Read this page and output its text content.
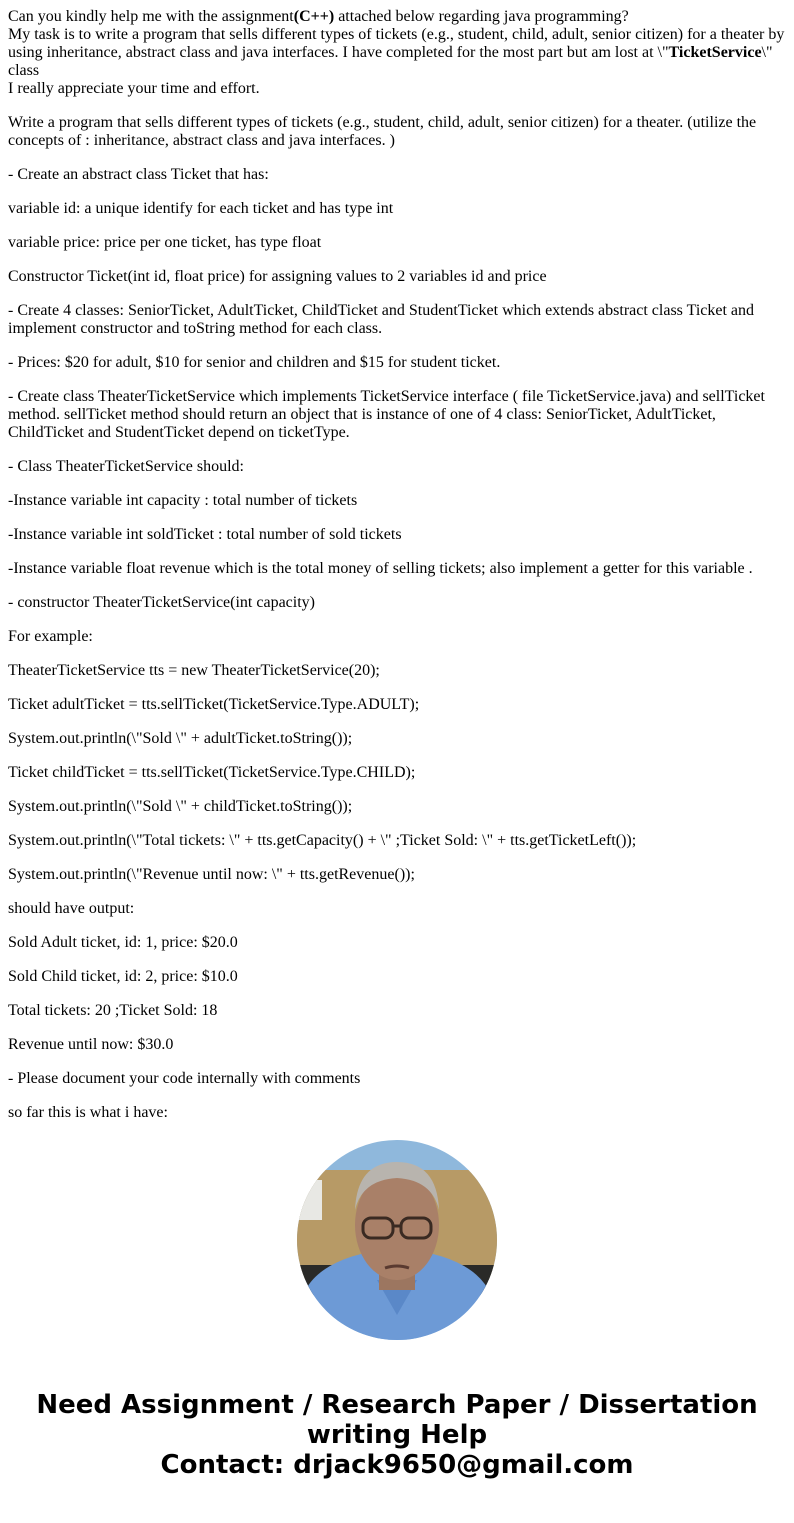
Can you kindly help me with the assignment(C++) attached below regarding java programming?
My task is to write a program that sells different types of tickets (e.g., student, child, adult, senior citizen) for a theater by using inheritance, abstract class and java interfaces. I have completed for the most part but am lost at \"TicketService\" class
I really appreciate your time and effort.

Write a program that sells different types of tickets (e.g., student, child, adult, senior citizen) for a theater. (utilize the concepts of : inheritance, abstract class and java interfaces. )

- Create an abstract class Ticket that has:

variable id: a unique identify for each ticket and has type int

variable price: price per one ticket, has type float

Constructor Ticket(int id, float price) for assigning values to 2 variables id and price

- Create 4 classes: SeniorTicket, AdultTicket, ChildTicket and StudentTicket which extends abstract class Ticket and implement constructor and toString method for each class.

- Prices: $20 for adult, $10 for senior and children and $15 for student ticket.

- Create class TheaterTicketService which implements TicketService interface ( file TicketService.java) and sellTicket method. sellTicket method should return an object that is instance of one of 4 class: SeniorTicket, AdultTicket, ChildTicket and StudentTicket depend on ticketType.

- Class TheaterTicketService should:

-Instance variable int capacity : total number of tickets

-Instance variable int soldTicket : total number of sold tickets

-Instance variable float revenue which is the total money of selling tickets; also implement a getter for this variable .

- constructor TheaterTicketService(int capacity)

For example:

TheaterTicketService tts = new TheaterTicketService(20);

Ticket adultTicket = tts.sellTicket(TicketService.Type.ADULT);

System.out.println(\"Sold \" + adultTicket.toString());

Ticket childTicket = tts.sellTicket(TicketService.Type.CHILD);

System.out.println(\"Sold \" + childTicket.toString());

System.out.println(\"Total tickets: \" + tts.getCapacity() + \" ;Ticket Sold: \" + tts.getTicketLeft());

System.out.println(\"Revenue until now: \" + tts.getRevenue());

should have output:

Sold Adult ticket, id: 1, price: $20.0

Sold Child ticket, id: 2, price: $10.0

Total tickets: 20 ;Ticket Sold: 18

Revenue until now: $30.0

- Please document your code internally with comments

so far this is what i have:

Need Assignment / Research Paper / Dissertation writing Help
Contact: drjack9650@gmail.com
